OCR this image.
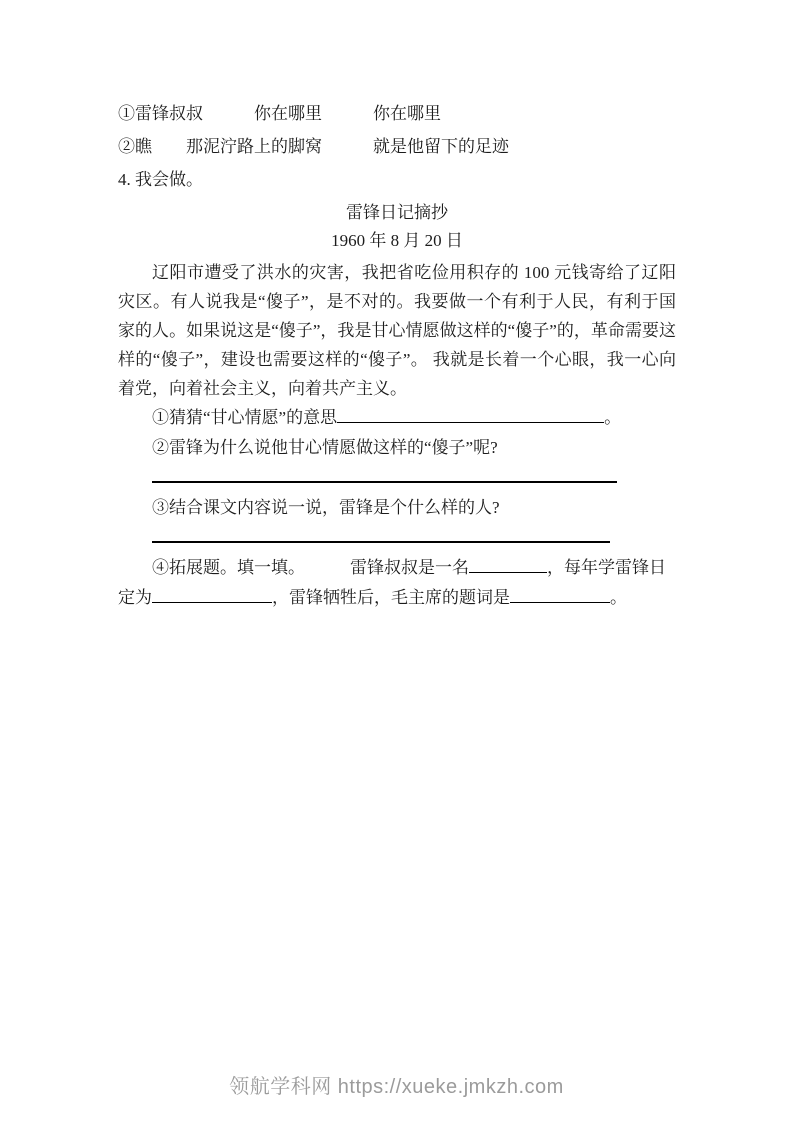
①雷锋叔叔　　　你在哪里　　　你在哪里
②瞧　　那泥泞路上的脚窝　　　就是他留下的足迹
4. 我会做。
雷锋日记摘抄
1960 年 8 月 20 日
辽阳市遭受了洪水的灾害，我把省吃俭用积存的 100 元钱寄给了辽阳灾区。有人说我是“傻子”，是不对的。我要做一个有利于人民，有利于国家的人。如果说这是“傻子”，我是甘心情愿做这样的“傻子”的，革命需要这样的“傻子”，建设也需要这样的“傻子”。 我就是长着一个心眼，我一心向着党，向着社会主义，向着共产主义。
①猜猜“甘心情愿”的意思	。
②雷锋为什么说他甘心情愿做这样的“傻子”呢?
③结合课文内容说一说，雷锋是个什么样的人?
④拓展题。填一填。	雷锋叔叔是一名	，每年学雷锋日
定为	，雷锋牺牲后，毛主席的题词是	。
领航学科网 https://xueke.jmkzh.com
